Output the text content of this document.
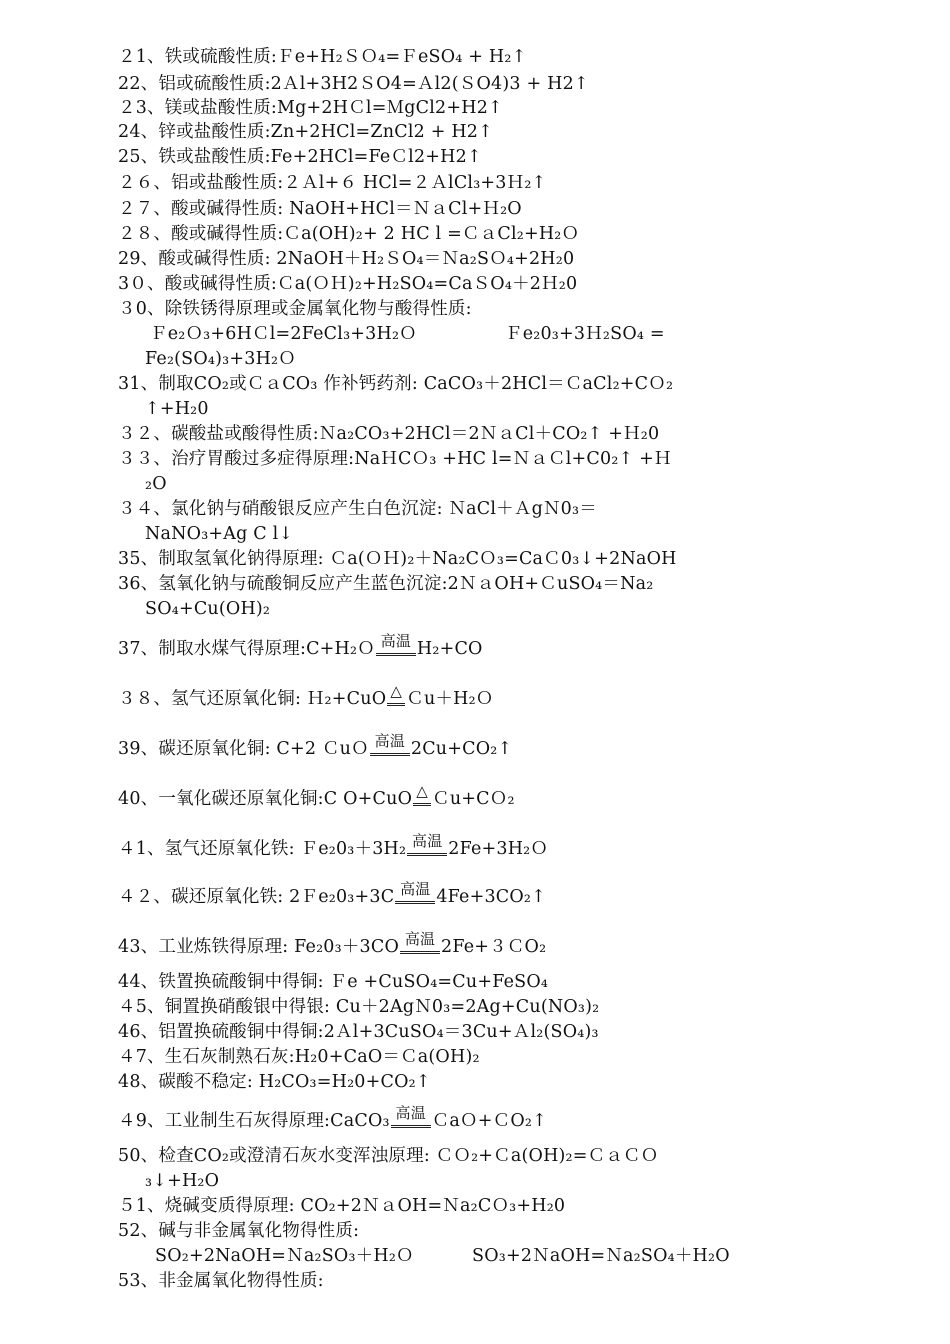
２1、铁或硫酸性质:Ｆe+H₂ＳＯ₄=ＦeSO₄ + H₂↑
22、铝或硫酸性质:2Ａl+3H2ＳO4=Ａl2(ＳO4)3 + H2↑
２3、镁或盐酸性质:Mg+2HＣl=ＭgCl2+H2↑
24、锌或盐酸性质:Zn+2HCl=ZnCl2 + H2↑
25、铁或盐酸性质:Fe+2HCl=FeＣl2+H2↑
２６、铝或盐酸性质:２Ａl+６ HCl=２ＡlCl₃+3Ｈ₂↑
２７、酸或碱得性质: NaOH+HCl＝ＮａCl+Ｈ₂O
２８、酸或碱得性质:Ｃa(OH)₂+ 2 HC l =ＣａCl₂+H₂Ｏ
29、酸或碱得性质: 2NaOH＋H₂ＳO₄＝Ｎa₂SＯ₄+2H₂0
3０、酸或碱得性质:Ｃa(ＯＨ)₂+H₂SO₄=CaＳO₄＋2Ｈ₂0
３0、除铁锈得原理或金属氧化物与酸得性质:
Ｆe₂Ｏ₃+6HＣl=2FeCl₃+3H₂Ｏ	Ｆe₂0₃+3Ｈ₂SO₄ =
Fe₂(SO₄)₃+3H₂Ｏ
31、制取CO₂或ＣａCO₃ 作补钙药剂: CaCO₃＋2HCl＝ＣaCl₂+CＯ₂
↑+H₂0
３２、碳酸盐或酸得性质:Ｎa₂CO₃+2HCl＝2ＮａCl＋CO₂↑ +Ｈ₂0
３３、治疗胃酸过多症得原理:NaＨCＯ₃ +HC l=ＮａＣl+C0₂↑ +Ｈ
₂O
３４、氯化钠与硝酸银反应产生白色沉淀: ＮaCl＋ＡgＮ0₃＝
NaNO₃+Ag C l↓
35、制取氢氧化钠得原理: Ｃa(ＯＨ)₂＋Na₂CＯ₃=CaＣ0₃↓+2NaOH
36、氢氧化钠与硫酸铜反应产生蓝色沉淀:2ＮａOH+ＣuSO₄＝Na₂
SO₄+Cu(OH)₂
37、制取水煤气得原理:C+H₂Ｏ 高温 H₂+CO
３８、氢气还原氧化铜: Ｈ₂+CuO △ Ｃu＋H₂Ｏ
39、碳还原氧化铜: C+2 ＣuＯ 高温 2Cu+CO₂↑
40、一氧化碳还原氧化铜:C O+CuO △ Ｃu+CＯ₂
４1、氢气还原氧化铁: Ｆe₂0₃＋3H₂ 高温 2Fe+3H₂Ｏ
４２、碳还原氧化铁: 2Ｆe₂0₃+3C 高温 4Fe+3CO₂↑
43、工业炼铁得原理: Fe₂0₃＋3CO 高温 2Fe+３ＣO₂
44、铁置换硫酸铜中得铜: Ｆe +CuSO₄=Cu+FeSO₄
４5、铜置换硝酸银中得银: Cu＋2AgＮ0₃=2Ag+Cu(NO₃)₂
46、铝置换硫酸铜中得铜:2Ａl+3CuSO₄＝3Cu+Ａl₂(SO₄)₃
４7、生石灰制熟石灰:H₂0+CaO＝Ｃa(OH)₂
48、碳酸不稳定: H₂CO₃=H₂0+CO₂↑
４9、工业制生石灰得原理:CaCO₃ 高温 ＣaＯ+ＣO₂↑
50、检查CO₂或澄清石灰水变浑浊原理: ＣＯ₂+Ｃa(OH)₂=ＣａＣＯ
₃↓+H₂O
５1、烧碱变质得原理: CO₂+2ＮａOH=Ｎa₂CＯ₃+H₂0
52、碱与非金属氧化物得性质:
SO₂+2NaOH=Ｎa₂SO₃＋H₂Ｏ	SO₃+2ＮaOH=Ｎa₂SO₄＋H₂O
53、非金属氧化物得性质:
